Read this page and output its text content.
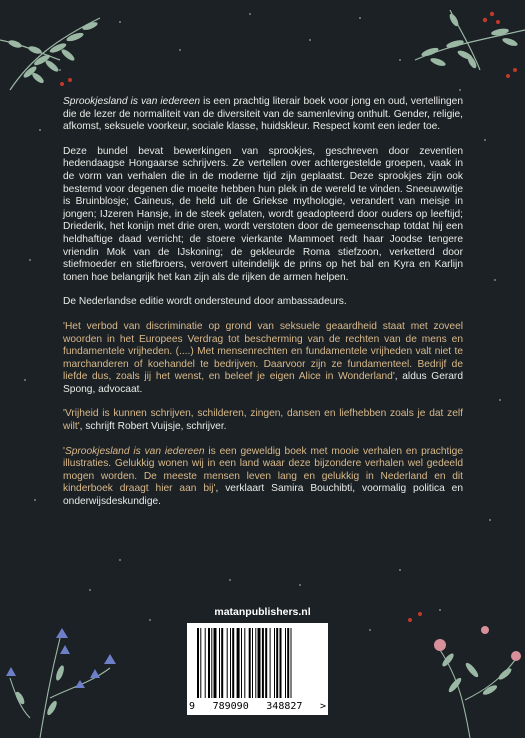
Sprookjesland is van iedereen is een prachtig literair boek voor jong en oud, vertellingen die de lezer de normaliteit van de diversiteit van de samenleving onthult. Gender, religie, afkomst, seksuele voorkeur, sociale klasse, huidskleur. Respect komt een ieder toe.

Deze bundel bevat bewerkingen van sprookjes, geschreven door zeventien hedendaagse Hongaarse schrijvers. Ze vertellen over achtergestelde groepen, vaak in de vorm van verhalen die in de moderne tijd zijn geplaatst. Deze sprookjes zijn ook bestemd voor degenen die moeite hebben hun plek in de wereld te vinden. Sneeuwwitje is Bruinblosje; Caineus, de held uit de Griekse mythologie, verandert van meisje in jongen; IJzeren Hansje, in de steek gelaten, wordt geadopteerd door ouders op leeftijd; Driederik, het konijn met drie oren, wordt verstoten door de gemeenschap totdat hij een heldhaftige daad verricht; de stoere vierkante Mammoet redt haar Joodse tengere vriendin Mok van de IJskoning; de gekleurde Roma stiefzoon, verketterd door stiefmoeder en stiefbroers, verovert uiteindelijk de prins op het bal en Kyra en Karlijn tonen hoe belangrijk het kan zijn als de rijken de armen helpen.

De Nederlandse editie wordt ondersteund door ambassadeurs.

'Het verbod van discriminatie op grond van seksuele geaardheid staat met zoveel woorden in het Europees Verdrag tot bescherming van de rechten van de mens en fundamentele vrijheden. (....) Met mensenrechten en fundamentele vrijheden valt niet te marchanderen of koehandel te bedrijven. Daarvoor zijn ze fundamenteel. Bedrijf de liefde dus, zoals jij het wenst, en beleef je eigen Alice in Wonderland', aldus Gerard Spong, advocaat.

'Vrijheid is kunnen schrijven, schilderen, zingen, dansen en liefhebben zoals je dat zelf wilt', schrijft Robert Vuijsje, schrijver.

'Sprookjesland is van iedereen is een geweldig boek met mooie verhalen en prachtige illustraties. Gelukkig wonen wij in een land waar deze bijzondere verhalen wel gedeeld mogen worden. De meeste mensen leven lang en gelukkig in Nederland en dit kinderboek draagt hier aan bij', verklaart Samira Bouchibti, voormalig politica en onderwijsdeskundige.

matanpublishers.nl
9 789090 348827 >
